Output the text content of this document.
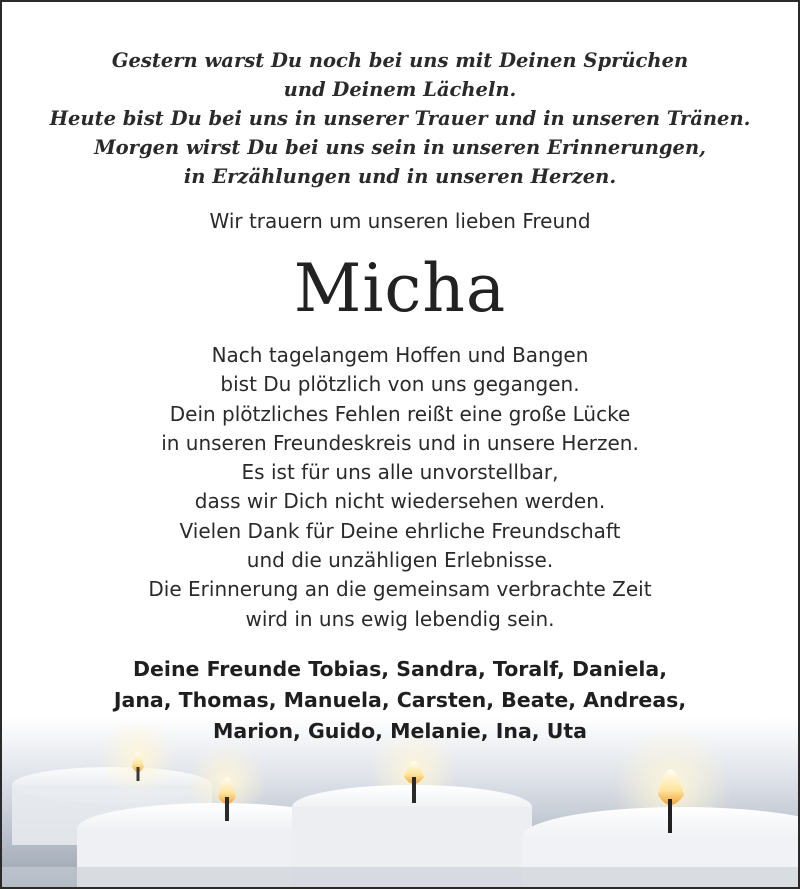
Gestern warst Du noch bei uns mit Deinen Sprüchen
und Deinem Lächeln.
Heute bist Du bei uns in unserer Trauer und in unseren Tränen.
Morgen wirst Du bei uns sein in unseren Erinnerungen,
in Erzählungen und in unseren Herzen.
Wir trauern um unseren lieben Freund
Micha
Nach tagelangem Hoffen und Bangen
bist Du plötzlich von uns gegangen.
Dein plötzliches Fehlen reißt eine große Lücke
in unseren Freundeskreis und in unsere Herzen.
Es ist für uns alle unvorstellbar,
dass wir Dich nicht wiedersehen werden.
Vielen Dank für Deine ehrliche Freundschaft
und die unzähligen Erlebnisse.
Die Erinnerung an die gemeinsam verbrachte Zeit
wird in uns ewig lebendig sein.
Deine Freunde Tobias, Sandra, Toralf, Daniela,
Jana, Thomas, Manuela, Carsten, Beate, Andreas,
Marion, Guido, Melanie, Ina, Uta
